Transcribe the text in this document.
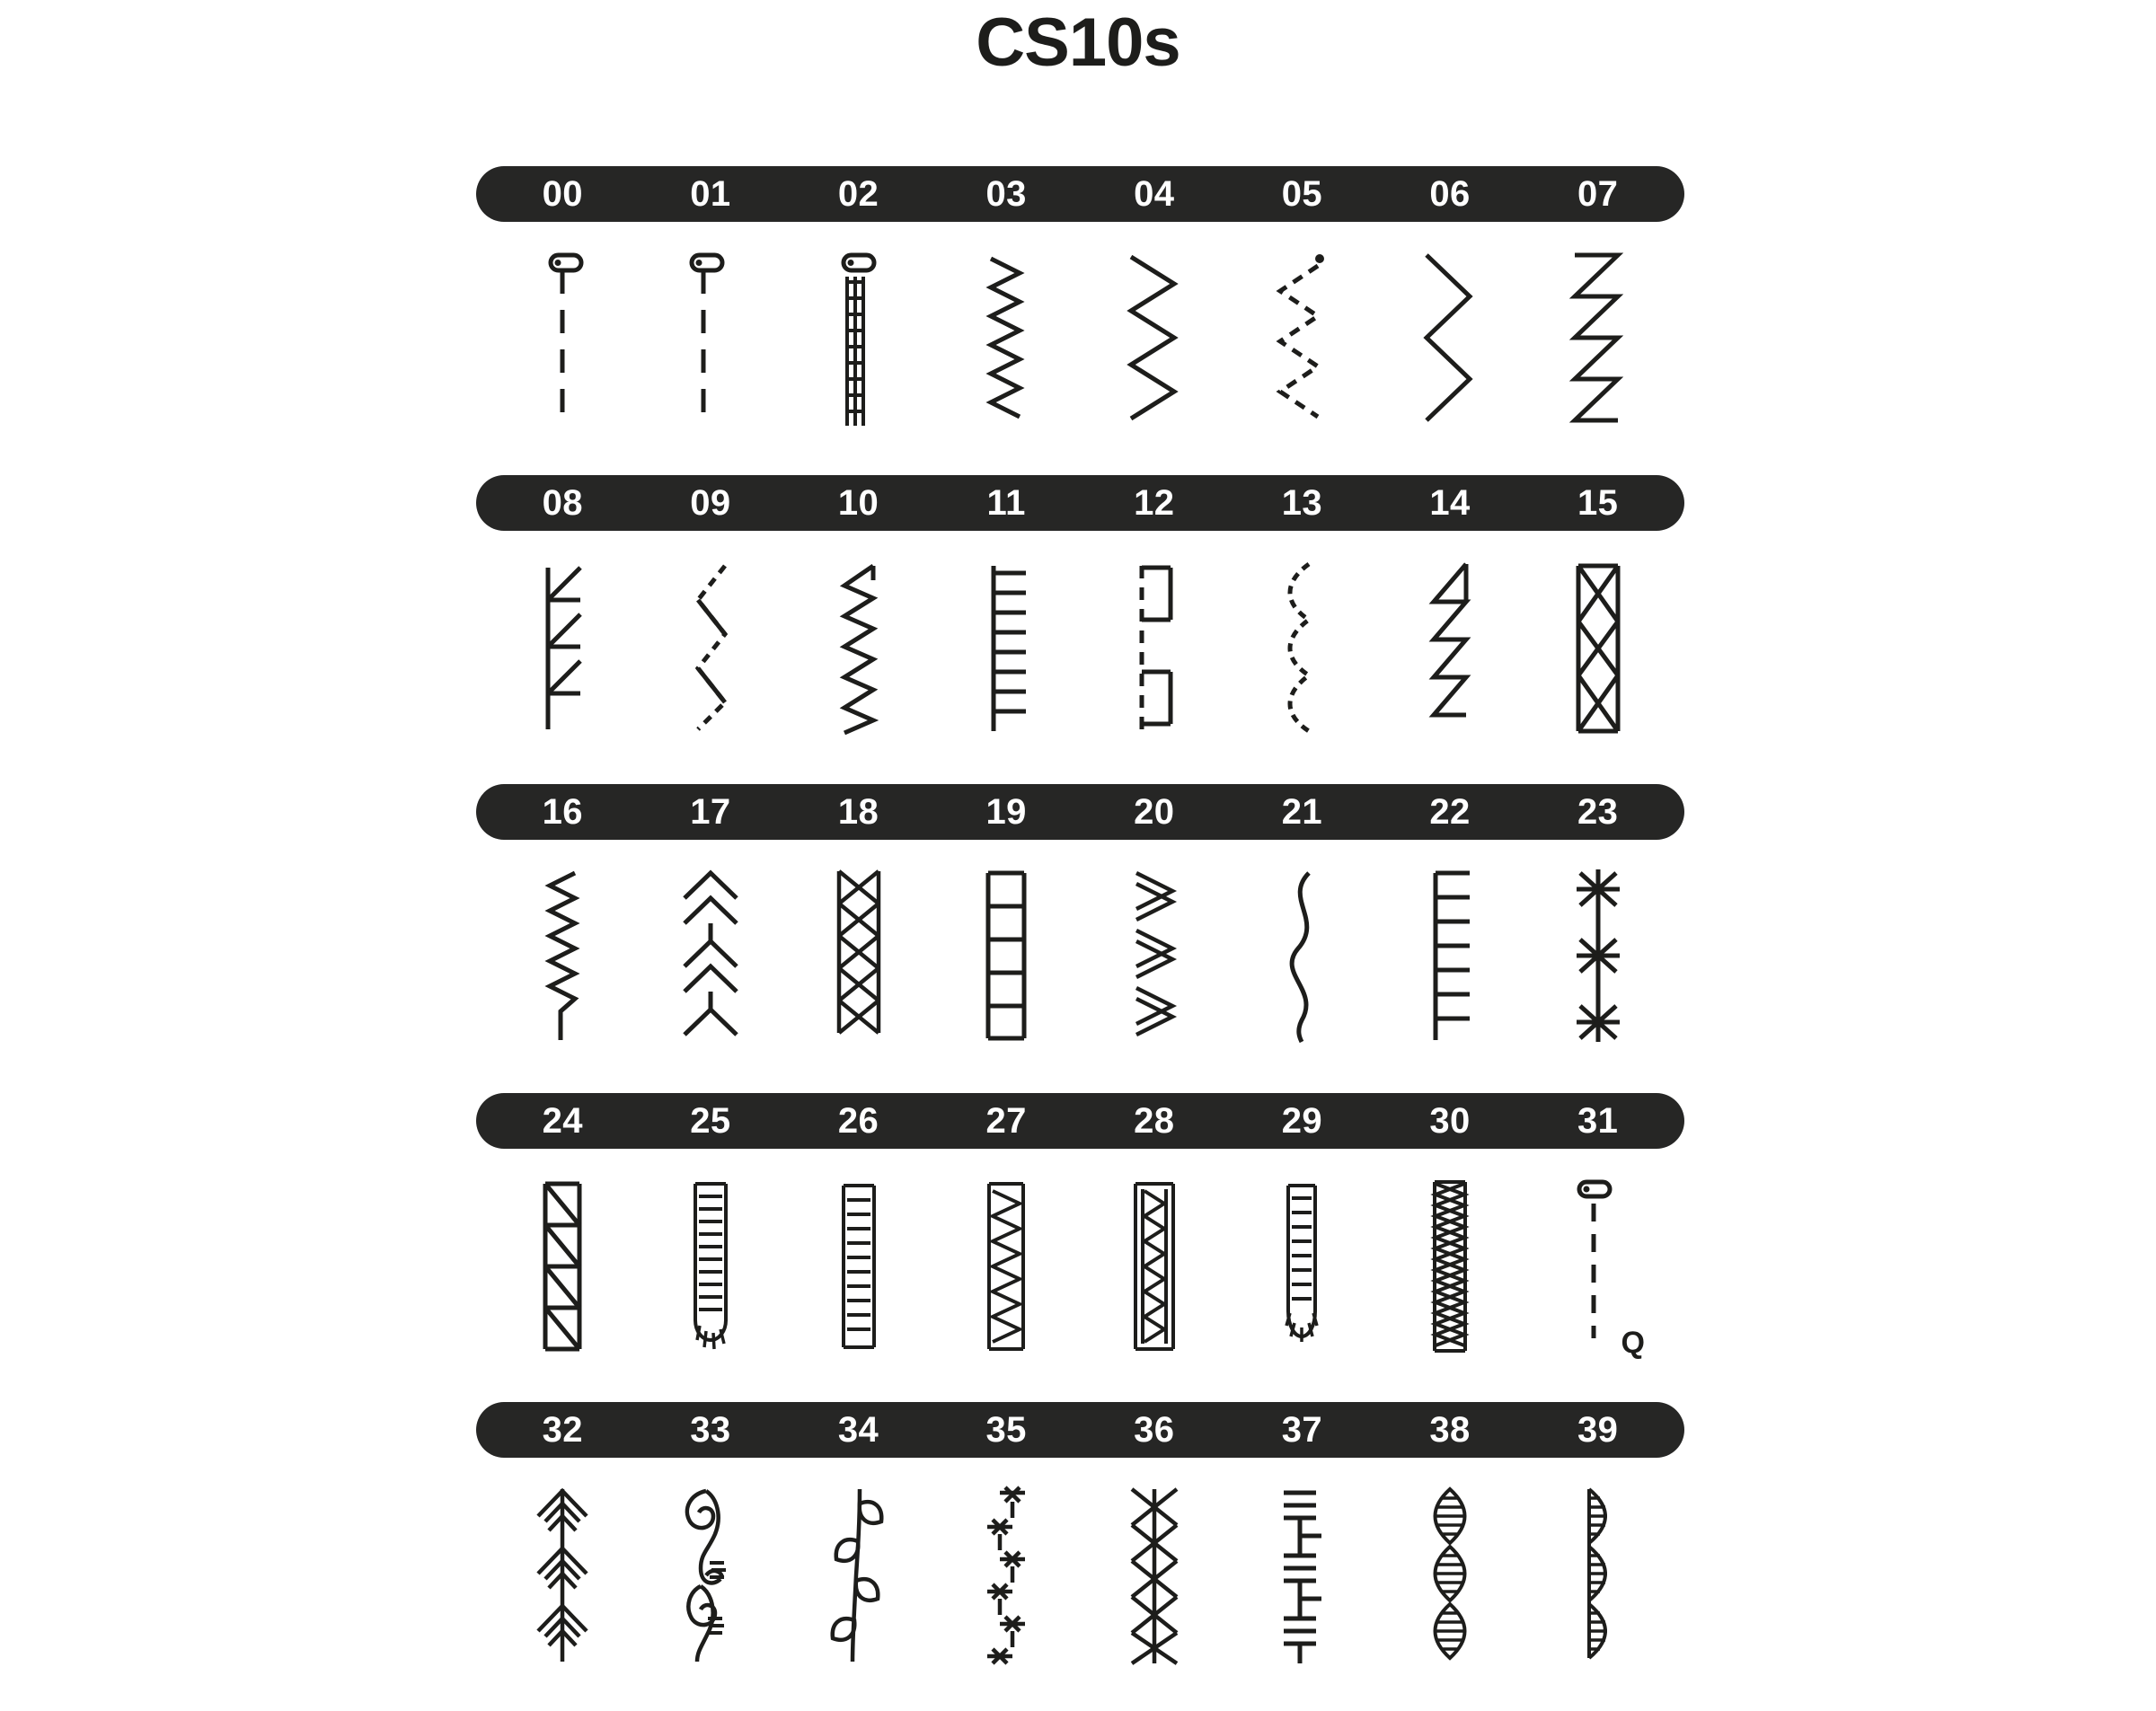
CS10s
00	01	02	03	04	05	06	07
08	09	10	11	12	13	14	15
16	17	18	19	20	21	22	23
24	25	26	27	28	29	30	31
Q
32	33	34	35	36	37	38	39
